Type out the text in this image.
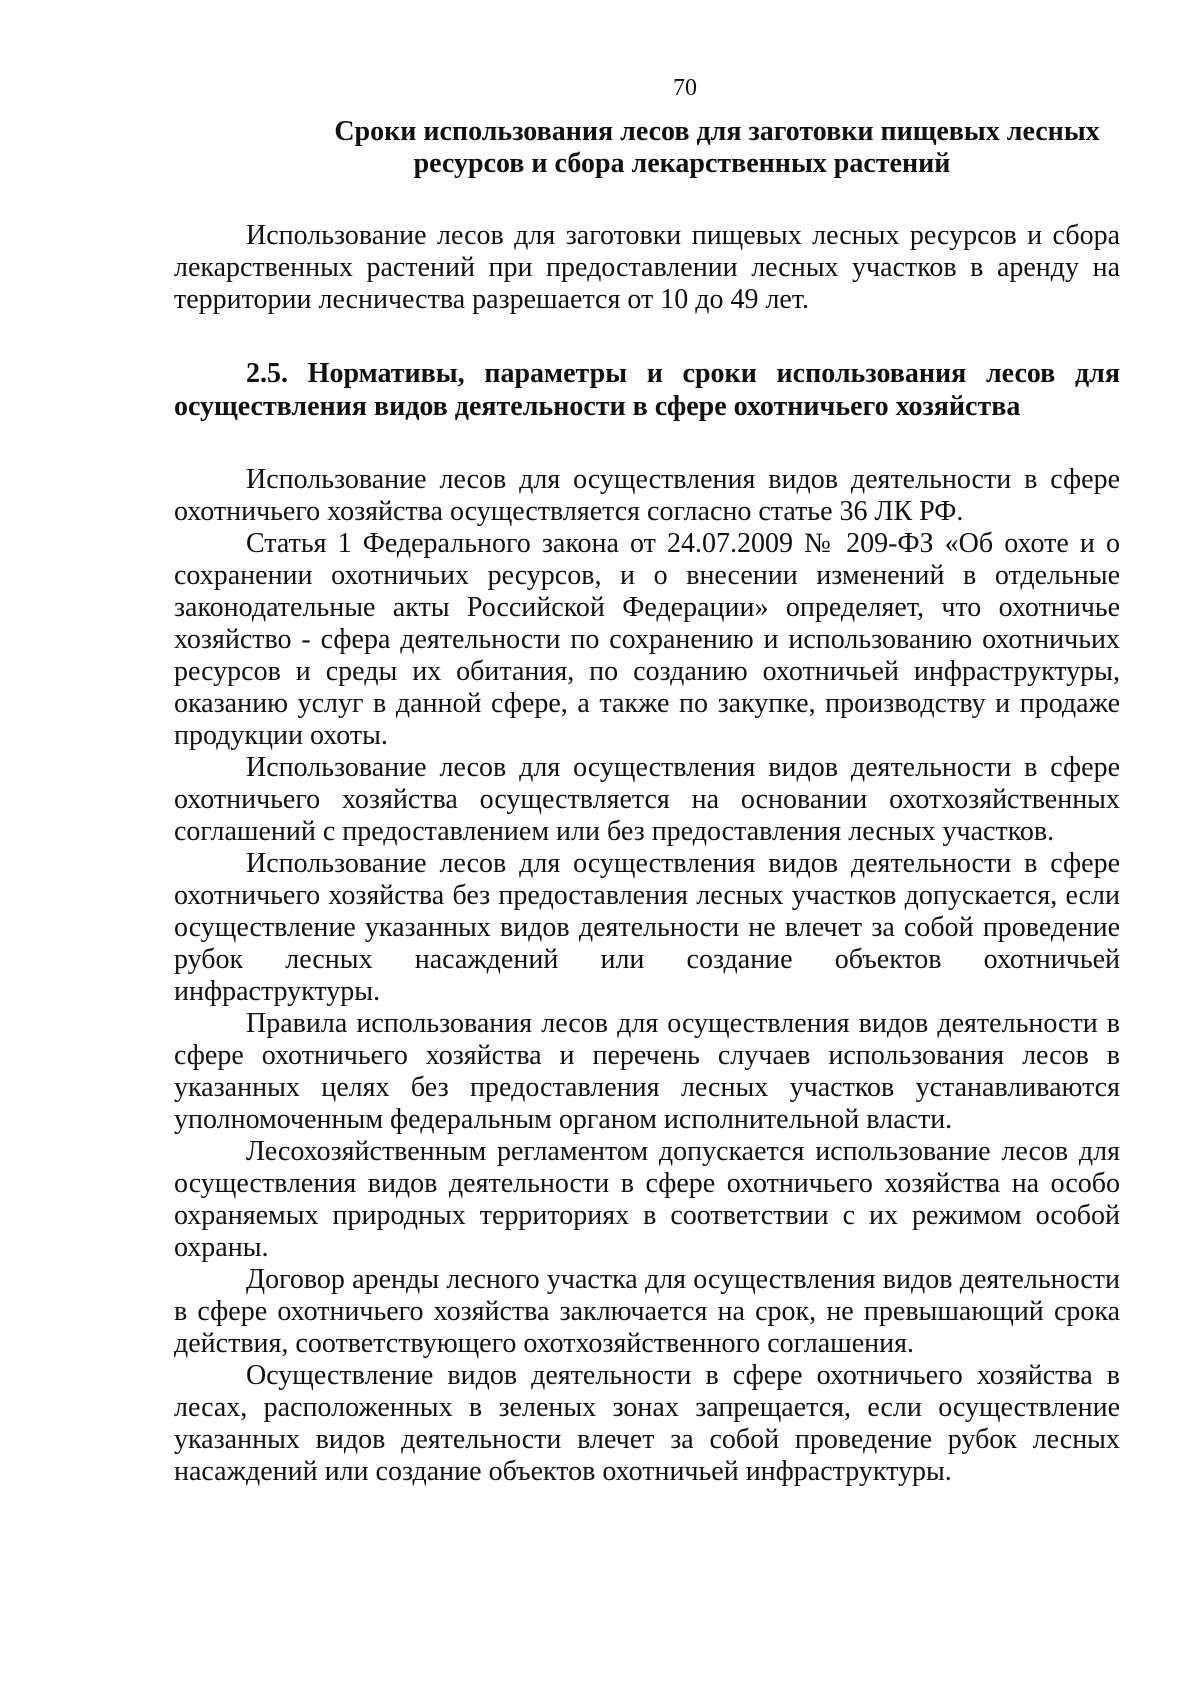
70
Сроки использования лесов для заготовки пищевых лесных
ресурсов и сбора лекарственных растений

Использование лесов для заготовки пищевых лесных ресурсов и сбора лекарственных растений при предоставлении лесных участков в аренду на территории лесничества разрешается от 10 до 49 лет.

2.5. Нормативы, параметры и сроки использования лесов для осуществления видов деятельности в сфере охотничьего хозяйства

Использование лесов для осуществления видов деятельности в сфере охотничьего хозяйства осуществляется согласно статье 36 ЛК РФ.

Статья 1 Федерального закона от 24.07.2009 № 209-ФЗ «Об охоте и о сохранении охотничьих ресурсов, и о внесении изменений в отдельные законодательные акты Российской Федерации» определяет, что охотничье хозяйство - сфера деятельности по сохранению и использованию охотничьих ресурсов и среды их обитания, по созданию охотничьей инфраструктуры, оказанию услуг в данной сфере, а также по закупке, производству и продаже продукции охоты.

Использование лесов для осуществления видов деятельности в сфере охотничьего хозяйства осуществляется на основании охотхозяйственных соглашений с предоставлением или без предоставления лесных участков.

Использование лесов для осуществления видов деятельности в сфере охотничьего хозяйства без предоставления лесных участков допускается, если осуществление указанных видов деятельности не влечет за собой проведение рубок лесных насаждений или создание объектов охотничьей инфраструктуры.

Правила использования лесов для осуществления видов деятельности в сфере охотничьего хозяйства и перечень случаев использования лесов в указанных целях без предоставления лесных участков устанавливаются уполномоченным федеральным органом исполнительной власти.

Лесохозяйственным регламентом допускается использование лесов для осуществления видов деятельности в сфере охотничьего хозяйства на особо охраняемых природных территориях в соответствии с их режимом особой охраны.

Договор аренды лесного участка для осуществления видов деятельности в сфере охотничьего хозяйства заключается на срок, не превышающий срока действия, соответствующего охотхозяйственного соглашения.

Осуществление видов деятельности в сфере охотничьего хозяйства в лесах, расположенных в зеленых зонах запрещается, если осуществление указанных видов деятельности влечет за собой проведение рубок лесных насаждений или создание объектов охотничьей инфраструктуры.
